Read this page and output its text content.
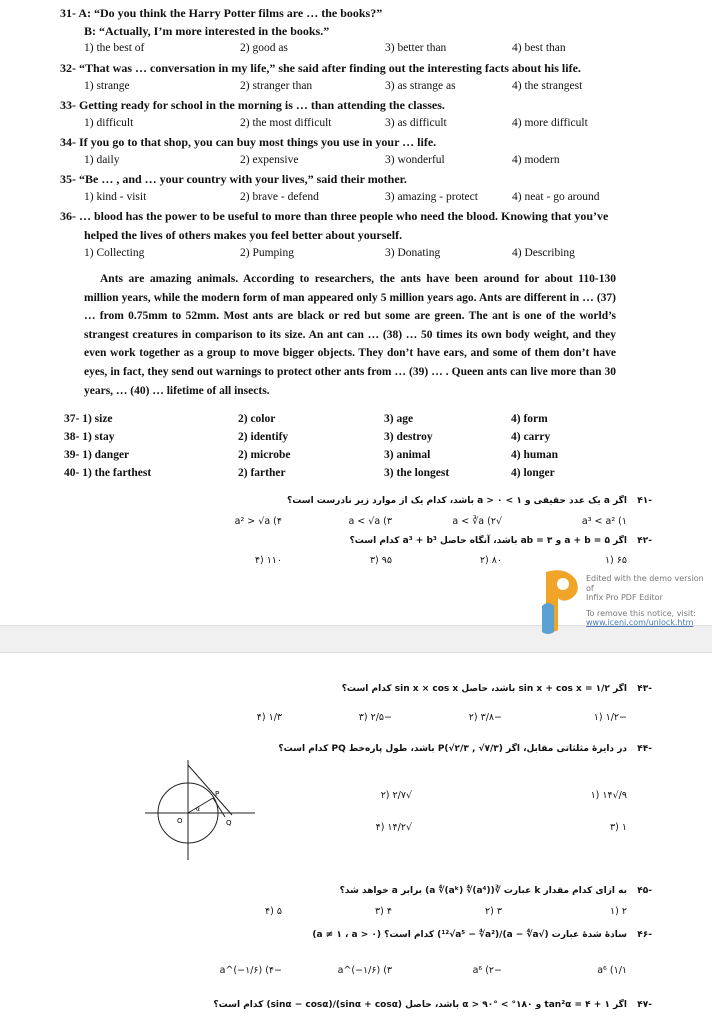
31- A: “Do you think the Harry Potter films are … the books?”
B: “Actually, I’m more interested in the books.”
1) the best of	2) good as	3) better than	4) best than
32- “That was … conversation in my life,” she said after finding out the interesting facts about his life.
1) strange	2) stranger than	3) as strange as	4) the strangest
33- Getting ready for school in the morning is … than attending the classes.
1) difficult	2) the most difficult	3) as difficult	4) more difficult
34- If you go to that shop, you can buy most things you use in your … life.
1) daily	2) expensive	3) wonderful	4) modern
35- “Be … , and … your country with your lives,” said their mother.
1) kind - visit	2) brave - defend	3) amazing - protect	4) neat - go around
36- … blood has the power to be useful to more than three people who need the blood. Knowing that you’ve
helped the lives of others makes you feel better about yourself.
1) Collecting	2) Pumping	3) Donating	4) Describing
Ants are amazing animals. According to researchers, the ants have been around for about 110-130 million years, while the modern form of man appeared only 5 million years ago. Ants are different in … (37) … from 0.75mm to 52mm. Most ants are black or red but some are green. The ant is one of the world’s strangest creatures in comparison to its size. An ant can … (38) … 50 times its own body weight, and they even work together as a group to move bigger objects. They don’t have ears, and some of them don’t have eyes, in fact, they send out warnings to protect other ants from … (39) … . Queen ants can live more than 30 years, … (40) … lifetime of all insects.
37- 1) size	2) color	3) age	4) form
38- 1) stay	2) identify	3) destroy	4) carry
39- 1) danger	2) microbe	3) animal	4) human
40- 1) the farthest	2) farther	3) the longest	4) longer
-۴۱
اگر a یک عدد حقیقی و ۱ > a > ۰ باشد، کدام یک از موارد زیر نادرست است؟
a³ < a² (۱
√a < ∛a (۲
a < √a (۳
a² > √a (۴
-۴۲
اگر a + b = ۵ و ab = ۳ باشد، آنگاه حاصل a³ + b³ کدام است؟
۶۵ (۱
۸۰ (۲
۹۵ (۳
۱۱۰ (۴
-۴۳
اگر sin x + cos x = ۱/۲ باشد، حاصل sin x × cos x کدام است؟
−۱/۲ (۱
−۳/۸ (۲
−۲/۵ (۳
۱/۳ (۴
-۴۴
در دایرهٔ مثلثاتی مقابل، اگر P(√۲/۳ , √۷/۳) باشد، طول پاره‌خط PQ کدام است؟
۹/√۱۴ (۱
√۲/۷ (۲
۱ (۳
√۱۴/۲ (۴
-۴۵
به ازای کدام مقدار k عبارت ∛(a ∜(aᵏ) ∜(a⁴)) برابر a خواهد شد؟
۲ (۱
۳ (۲
۴ (۳
۵ (۴
-۴۶
سادهٔ شدهٔ عبارت (√a − ∜a)/(¹²√a⁵ − ∜a²) کدام است؟ (a ≠ ۱ ، a > ۰)
۱/a⁶ (۱
−a⁶ (۲
a^(−۱/۶) (۳
−a^(−۱/۶) (۴
-۴۷
اگر ۱ + tan²α = ۴ و ۱۸۰° > α > ۹۰° باشد، حاصل (sinα + cosα)/(sinα − cosα) کدام است؟
O
P
Q
α
Edited with the demo version of
Infix Pro PDF Editor
To remove this notice, visit:
www.iceni.com/unlock.htm
